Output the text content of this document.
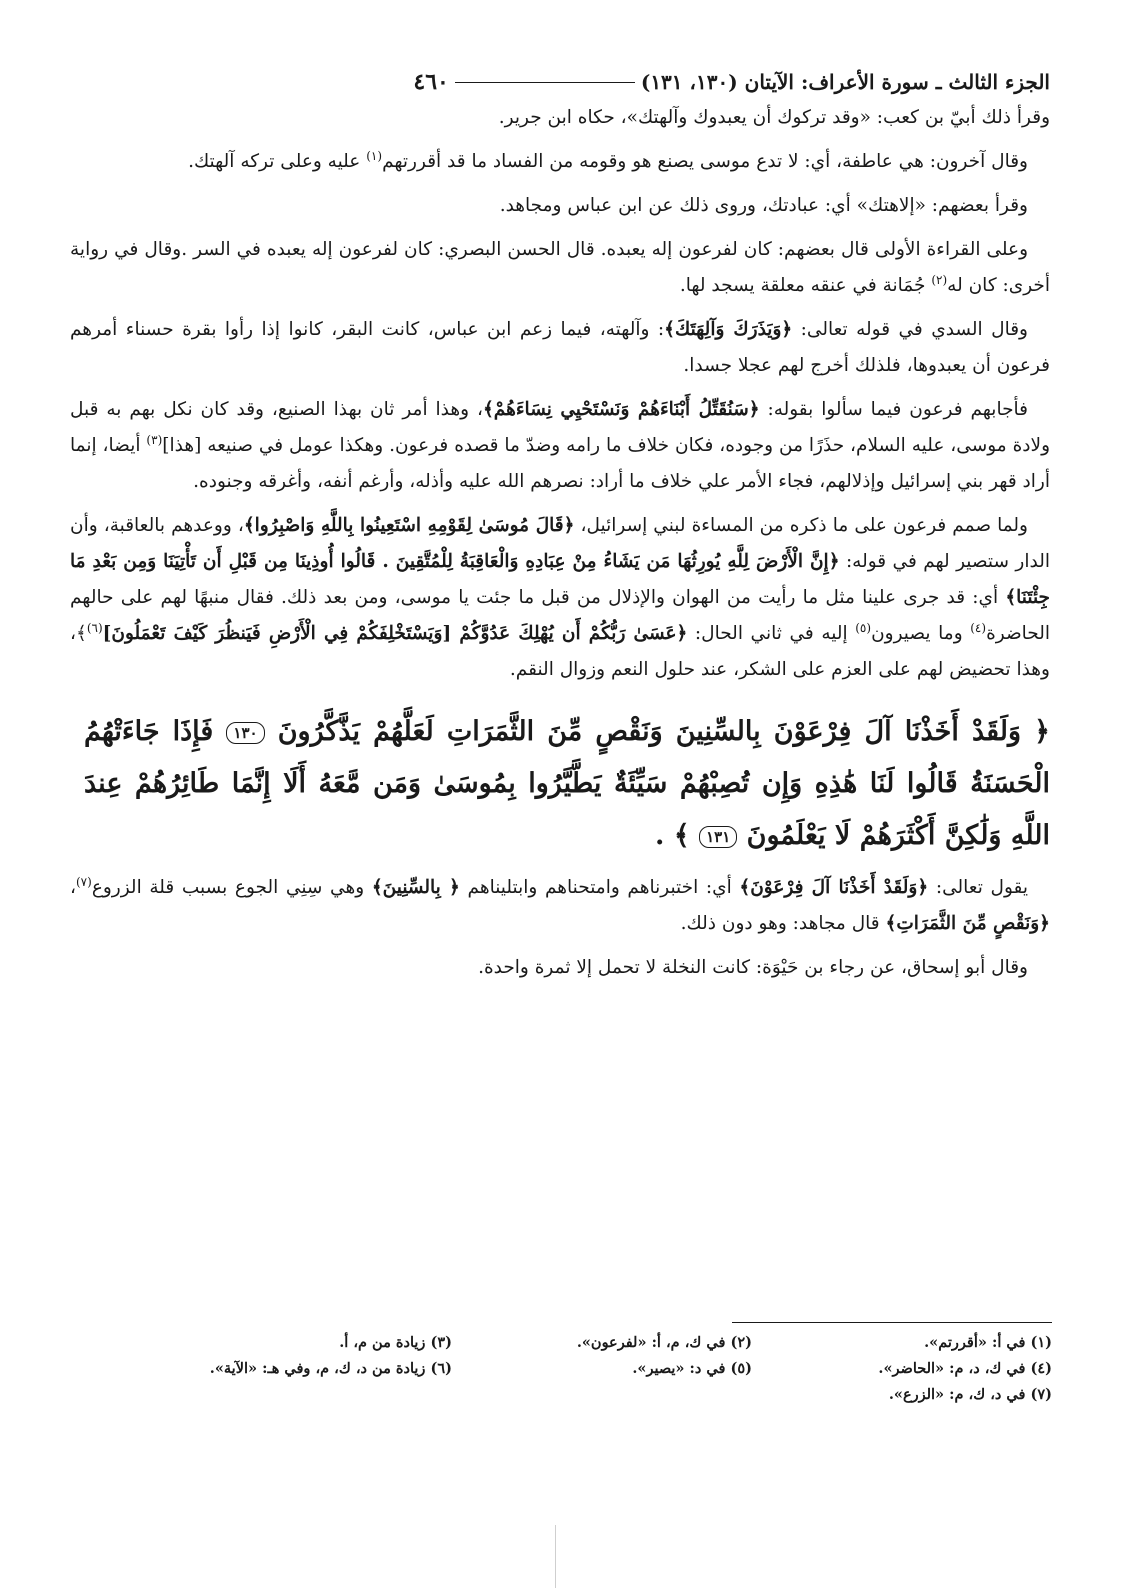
الجزء الثالث ـ سورة الأعراف: الآيتان (١٣٠، ١٣١)
٤٦٠

وقرأ ذلك أبيّ بن كعب: «وقد تركوك أن يعبدوك وآلهتك»، حكاه ابن جرير.

وقال آخرون: هي عاطفة، أي: لا تدع موسى يصنع هو وقومه من الفساد ما قد أقررتهم$^{(١)}$ عليه وعلى تركه آلهتك.

وقرأ بعضهم: «إلاهتك» أي: عبادتك، وروى ذلك عن ابن عباس ومجاهد.

وعلى القراءة الأولى قال بعضهم: كان لفرعون إله يعبده. قال الحسن البصري: كان لفرعون إله يعبده في السر .وقال في رواية أخرى: كان له$^{(٢)}$ جُمَانة في عنقه معلقة يسجد لها.

وقال السدي في قوله تعالى: ﴿وَيَذَرَكَ وَآلِهَتَكَ﴾: وآلهته، فيما زعم ابن عباس، كانت البقر، كانوا إذا رأوا بقرة حسناء أمرهم فرعون أن يعبدوها، فلذلك أخرج لهم عجلا جسدا.

فأجابهم فرعون فيما سألوا بقوله: ﴿سَنُقَتِّلُ أَبْنَاءَهُمْ وَنَسْتَحْيِي نِسَاءَهُمْ﴾، وهذا أمر ثان بهذا الصنيع، وقد كان نكل بهم به قبل ولادة موسى، عليه السلام، حذَرًا من وجوده، فكان خلاف ما رامه وضدّ ما قصده فرعون. وهكذا عومل في صنيعه [هذا]$^{(٣)}$ أيضا، إنما أراد قهر بني إسرائيل وإذلالهم، فجاء الأمر علي خلاف ما أراد: نصرهم الله عليه وأذله، وأرغم أنفه، وأغرقه وجنوده.

ولما صمم فرعون على ما ذكره من المساءة لبني إسرائيل، ﴿قَالَ مُوسَىٰ لِقَوْمِهِ اسْتَعِينُوا بِاللَّهِ وَاصْبِرُوا﴾، ووعدهم بالعاقبة، وأن الدار ستصير لهم في قوله: ﴿إِنَّ الْأَرْضَ لِلَّهِ يُورِثُهَا مَن يَشَاءُ مِنْ عِبَادِهِ وَالْعَاقِبَةُ لِلْمُتَّقِينَ . قَالُوا أُوذِينَا مِن قَبْلِ أَن تَأْتِيَنَا وَمِن بَعْدِ مَا جِئْتَنَا﴾ أي: قد جرى علينا مثل ما رأيت من الهوان والإذلال من قبل ما جئت يا موسى، ومن بعد ذلك. فقال منبهًا لهم على حالهم الحاضرة$^{(٤)}$ وما يصيرون$^{(٥)}$ إليه في ثاني الحال: ﴿عَسَىٰ رَبُّكُمْ أَن يُهْلِكَ عَدُوَّكُمْ [وَيَسْتَخْلِفَكُمْ فِي الْأَرْضِ فَيَنظُرَ كَيْفَ تَعْمَلُونَ]$^{(٦)}$﴾، وهذا تحضيض لهم على العزم على الشكر، عند حلول النعم وزوال النقم.

﴿ وَلَقَدْ أَخَذْنَا آلَ فِرْعَوْنَ بِالسِّنِينَ وَنَقْصٍ مِّنَ الثَّمَرَاتِ لَعَلَّهُمْ يَذَّكَّرُونَ ١٣٠ فَإِذَا جَاءَتْهُمُ الْحَسَنَةُ قَالُوا لَنَا هَٰذِهِ وَإِن تُصِبْهُمْ سَيِّئَةٌ يَطَّيَّرُوا بِمُوسَىٰ وَمَن مَّعَهُ أَلَا إِنَّمَا طَائِرُهُمْ عِندَ اللَّهِ وَلَٰكِنَّ أَكْثَرَهُمْ لَا يَعْلَمُونَ ١٣١ ﴾ .

يقول تعالى: ﴿وَلَقَدْ أَخَذْنَا آلَ فِرْعَوْنَ﴾ أي: اختبرناهم وامتحناهم وابتليناهم ﴿ بِالسِّنِينَ﴾ وهي سِنِي الجوع بسبب قلة الزروع$^{(٧)}$، ﴿وَنَقْصٍ مِّنَ الثَّمَرَاتِ﴾ قال مجاهد: وهو دون ذلك.

وقال أبو إسحاق، عن رجاء بن حَيْوَة: كانت النخلة لا تحمل إلا ثمرة واحدة.

(١) في أ: «أقررتم».
(٢) في ك، م، أ: «لفرعون».
(٣) زيادة من م، أ.
(٤) في ك، د، م: «الحاضر».
(٥) في د: «يصير».
(٦) زيادة من د، ك، م، وفي هـ: «الآية».
(٧) في د، ك، م: «الزرع».
